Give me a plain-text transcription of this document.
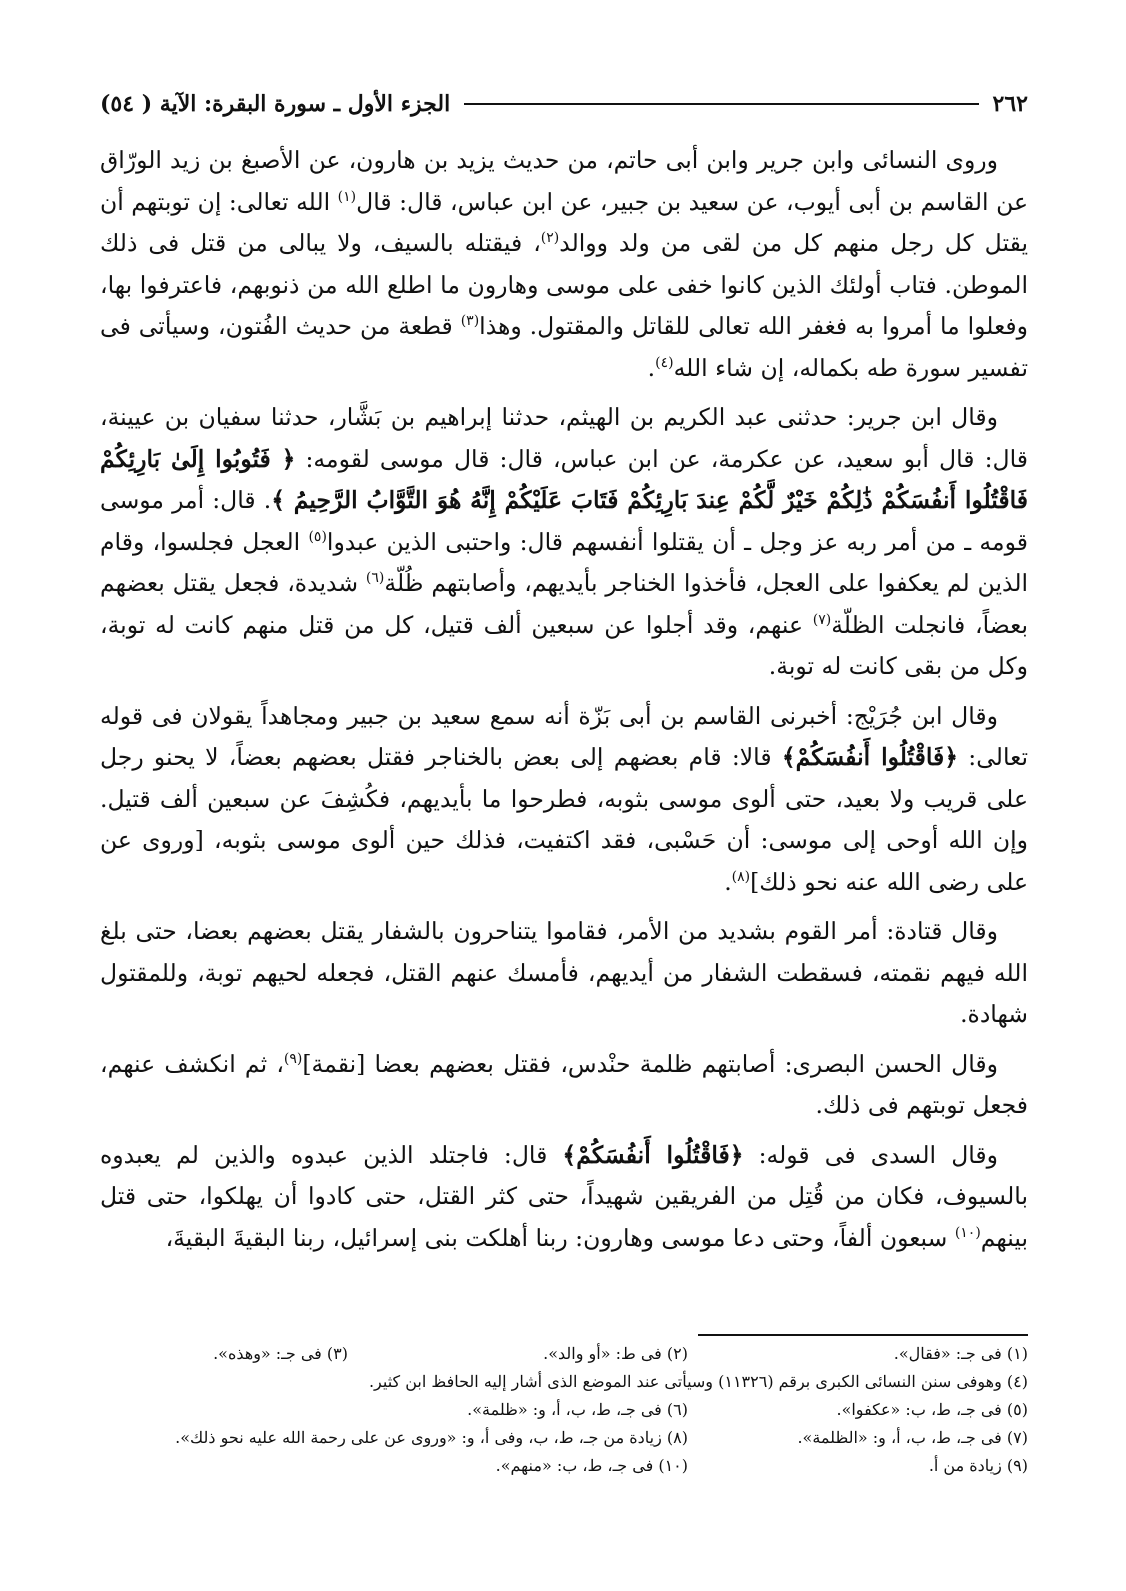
٢٦٢
الجزء الأول ـ سورة البقرة: الآية ( ٥٤)

وروى النسائى وابن جرير وابن أبى حاتم، من حديث يزيد بن هارون، عن الأصبغ بن زيد الورّاق عن القاسم بن أبى أيوب، عن سعيد بن جبير، عن ابن عباس، قال: قال$^{(١)}$ الله تعالى: إن توبتهم أن يقتل كل رجل منهم كل من لقى من ولد ووالد$^{(٢)}$، فيقتله بالسيف، ولا يبالى من قتل فى ذلك الموطن. فتاب أولئك الذين كانوا خفى على موسى وهارون ما اطلع الله من ذنوبهم، فاعترفوا بها، وفعلوا ما أمروا به فغفر الله تعالى للقاتل والمقتول. وهذا$^{(٣)}$ قطعة من حديث الفُتون، وسيأتى فى تفسير سورة طه بكماله، إن شاء الله$^{(٤)}$.

وقال ابن جرير: حدثنى عبد الكريم بن الهيثم، حدثنا إبراهيم بن بَشَّار، حدثنا سفيان بن عيينة، قال: قال أبو سعيد، عن عكرمة، عن ابن عباس، قال: قال موسى لقومه: ﴿ فَتُوبُوا إِلَىٰ بَارِئِكُمْ فَاقْتُلُوا أَنفُسَكُمْ ذَٰلِكُمْ خَيْرٌ لَّكُمْ عِندَ بَارِئِكُمْ فَتَابَ عَلَيْكُمْ إِنَّهُ هُوَ التَّوَّابُ الرَّحِيمُ ﴾. قال: أمر موسى قومه ـ من أمر ربه عز وجل ـ أن يقتلوا أنفسهم قال: واحتبى الذين عبدوا$^{(٥)}$ العجل فجلسوا، وقام الذين لم يعكفوا على العجل، فأخذوا الخناجر بأيديهم، وأصابتهم ظُلّة$^{(٦)}$ شديدة، فجعل يقتل بعضهم بعضاً، فانجلت الظلّة$^{(٧)}$ عنهم، وقد أجلوا عن سبعين ألف قتيل، كل من قتل منهم كانت له توبة، وكل من بقى كانت له توبة.

وقال ابن جُرَيْج: أخبرنى القاسم بن أبى بَزّة أنه سمع سعيد بن جبير ومجاهداً يقولان فى قوله تعالى: ﴿فَاقْتُلُوا أَنفُسَكُمْ﴾ قالا: قام بعضهم إلى بعض بالخناجر فقتل بعضهم بعضاً، لا يحنو رجل على قريب ولا بعيد، حتى ألوى موسى بثوبه، فطرحوا ما بأيديهم، فكُشِفَ عن سبعين ألف قتيل. وإن الله أوحى إلى موسى: أن حَسْبى، فقد اكتفيت، فذلك حين ألوى موسى بثوبه، [وروى عن على رضى الله عنه نحو ذلك]$^{(٨)}$.

وقال قتادة: أمر القوم بشديد من الأمر، فقاموا يتناحرون بالشفار يقتل بعضهم بعضا، حتى بلغ الله فيهم نقمته، فسقطت الشفار من أيديهم، فأمسك عنهم القتل، فجعله لحيهم توبة، وللمقتول شهادة.

وقال الحسن البصرى: أصابتهم ظلمة حنْدس، فقتل بعضهم بعضا [نقمة]$^{(٩)}$، ثم انكشف عنهم، فجعل توبتهم فى ذلك.

وقال السدى فى قوله: ﴿فَاقْتُلُوا أَنفُسَكُمْ﴾ قال: فاجتلد الذين عبدوه والذين لم يعبدوه بالسيوف، فكان من قُتِل من الفريقين شهيداً، حتى كثر القتل، حتى كادوا أن يهلكوا، حتى قتل بينهم$^{(١٠)}$ سبعون ألفاً، وحتى دعا موسى وهارون: ربنا أهلكت بنى إسرائيل، ربنا البقيةَ البقيةَ،

(١) فى جـ: «فقال».
(٢) فى ط: «أو والد».
(٣) فى جـ: «وهذه».
(٤) وهوفى سنن النسائى الكبرى برقم (١١٣٢٦) وسيأتى عند الموضع الذى أشار إليه الحافظ ابن كثير.
(٥) فى جـ، ط، ب: «عكفوا».
(٦) فى جـ، ط، ب، أ، و: «ظلمة».
(٧) فى جـ، ط، ب، أ، و: «الظلمة».
(٨) زيادة من جـ، ط، ب، وفى أ، و: «وروى عن على رحمة الله عليه نحو ذلك».
(٩) زيادة من أ.
(١٠) فى جـ، ط، ب: «منهم».
